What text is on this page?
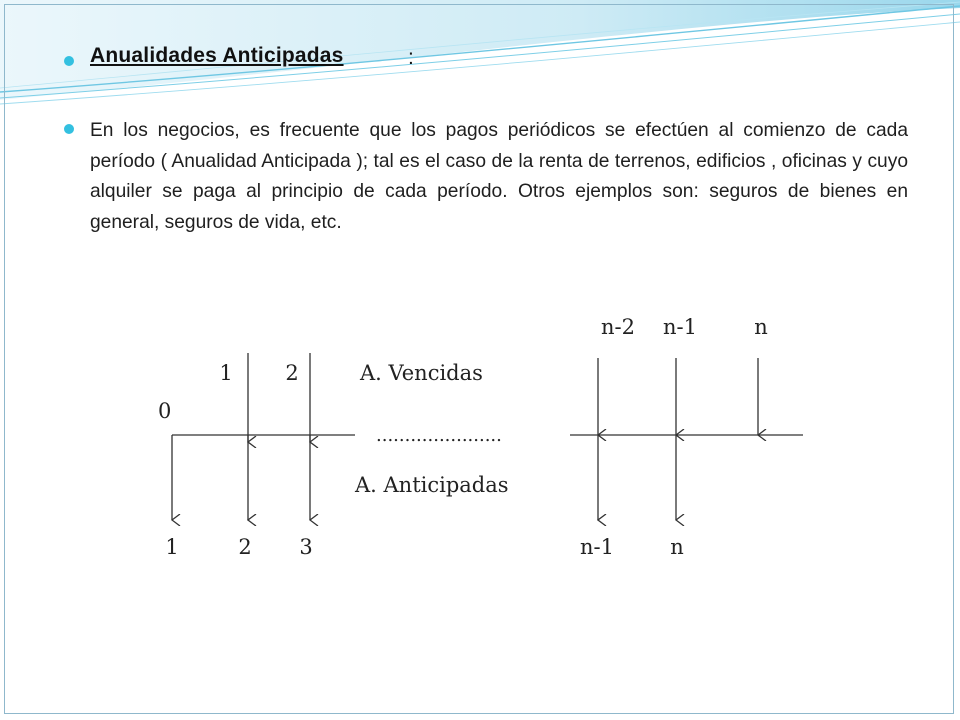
Anualidades Anticipadas	:
En los negocios, es frecuente que los pagos periódicos se efectúen al comienzo de cada período ( Anualidad Anticipada ); tal es el caso de la renta de terrenos, edificios , oficinas y cuyo alquiler se paga al principio de cada período. Otros ejemplos son: seguros de bienes en general, seguros de vida, etc.
1	2	A. Vencidas
0
......................
A. Anticipadas
n-2 n-1	n
1	2 3	n-1	n
